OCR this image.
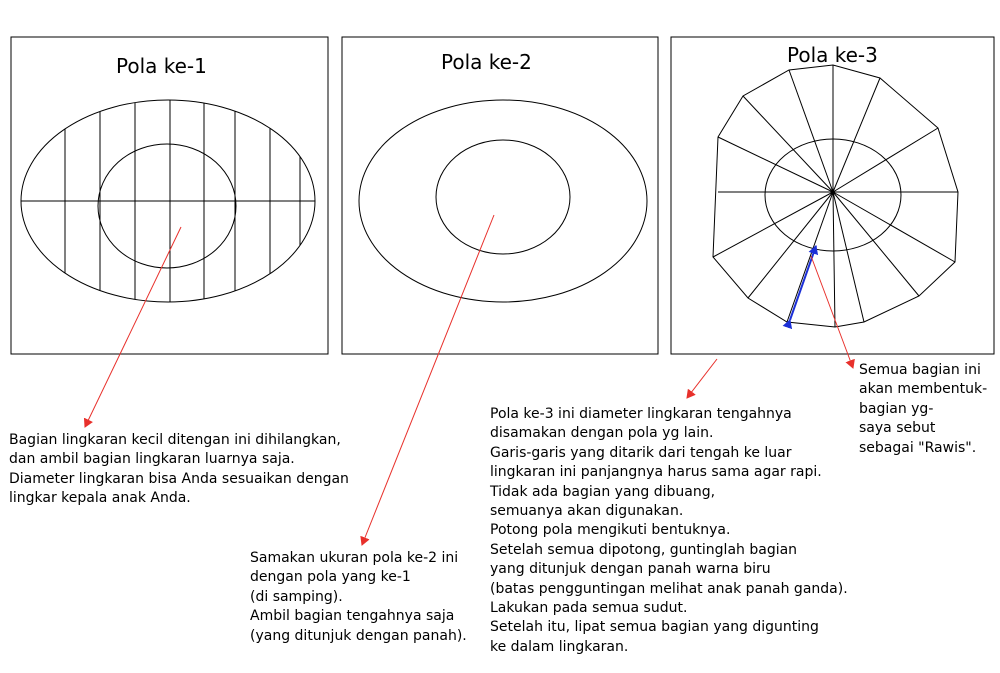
Pola ke-1	Pola ke-2	Pola ke-3
Bagian lingkaran kecil ditengan ini dihilangkan,
dan ambil bagian lingkaran luarnya saja.
Diameter lingkaran bisa Anda sesuaikan dengan
lingkar kepala anak Anda.
Samakan ukuran pola ke-2 ini
dengan pola yang ke-1
(di samping).
Ambil bagian tengahnya saja
(yang ditunjuk dengan panah).
Pola ke-3 ini diameter lingkaran tengahnya
disamakan dengan pola yg lain.
Garis-garis yang ditarik dari tengah ke luar
lingkaran ini panjangnya harus sama agar rapi.
Tidak ada bagian yang dibuang,
semuanya akan digunakan.
Potong pola mengikuti bentuknya.
Setelah semua dipotong, guntinglah bagian
yang ditunjuk dengan panah warna biru
(batas pengguntingan melihat anak panah ganda).
Lakukan pada semua sudut.
Setelah itu, lipat semua bagian yang digunting
ke dalam lingkaran.
Semua bagian ini
akan membentuk-
bagian yg-
saya sebut
sebagai "Rawis".
